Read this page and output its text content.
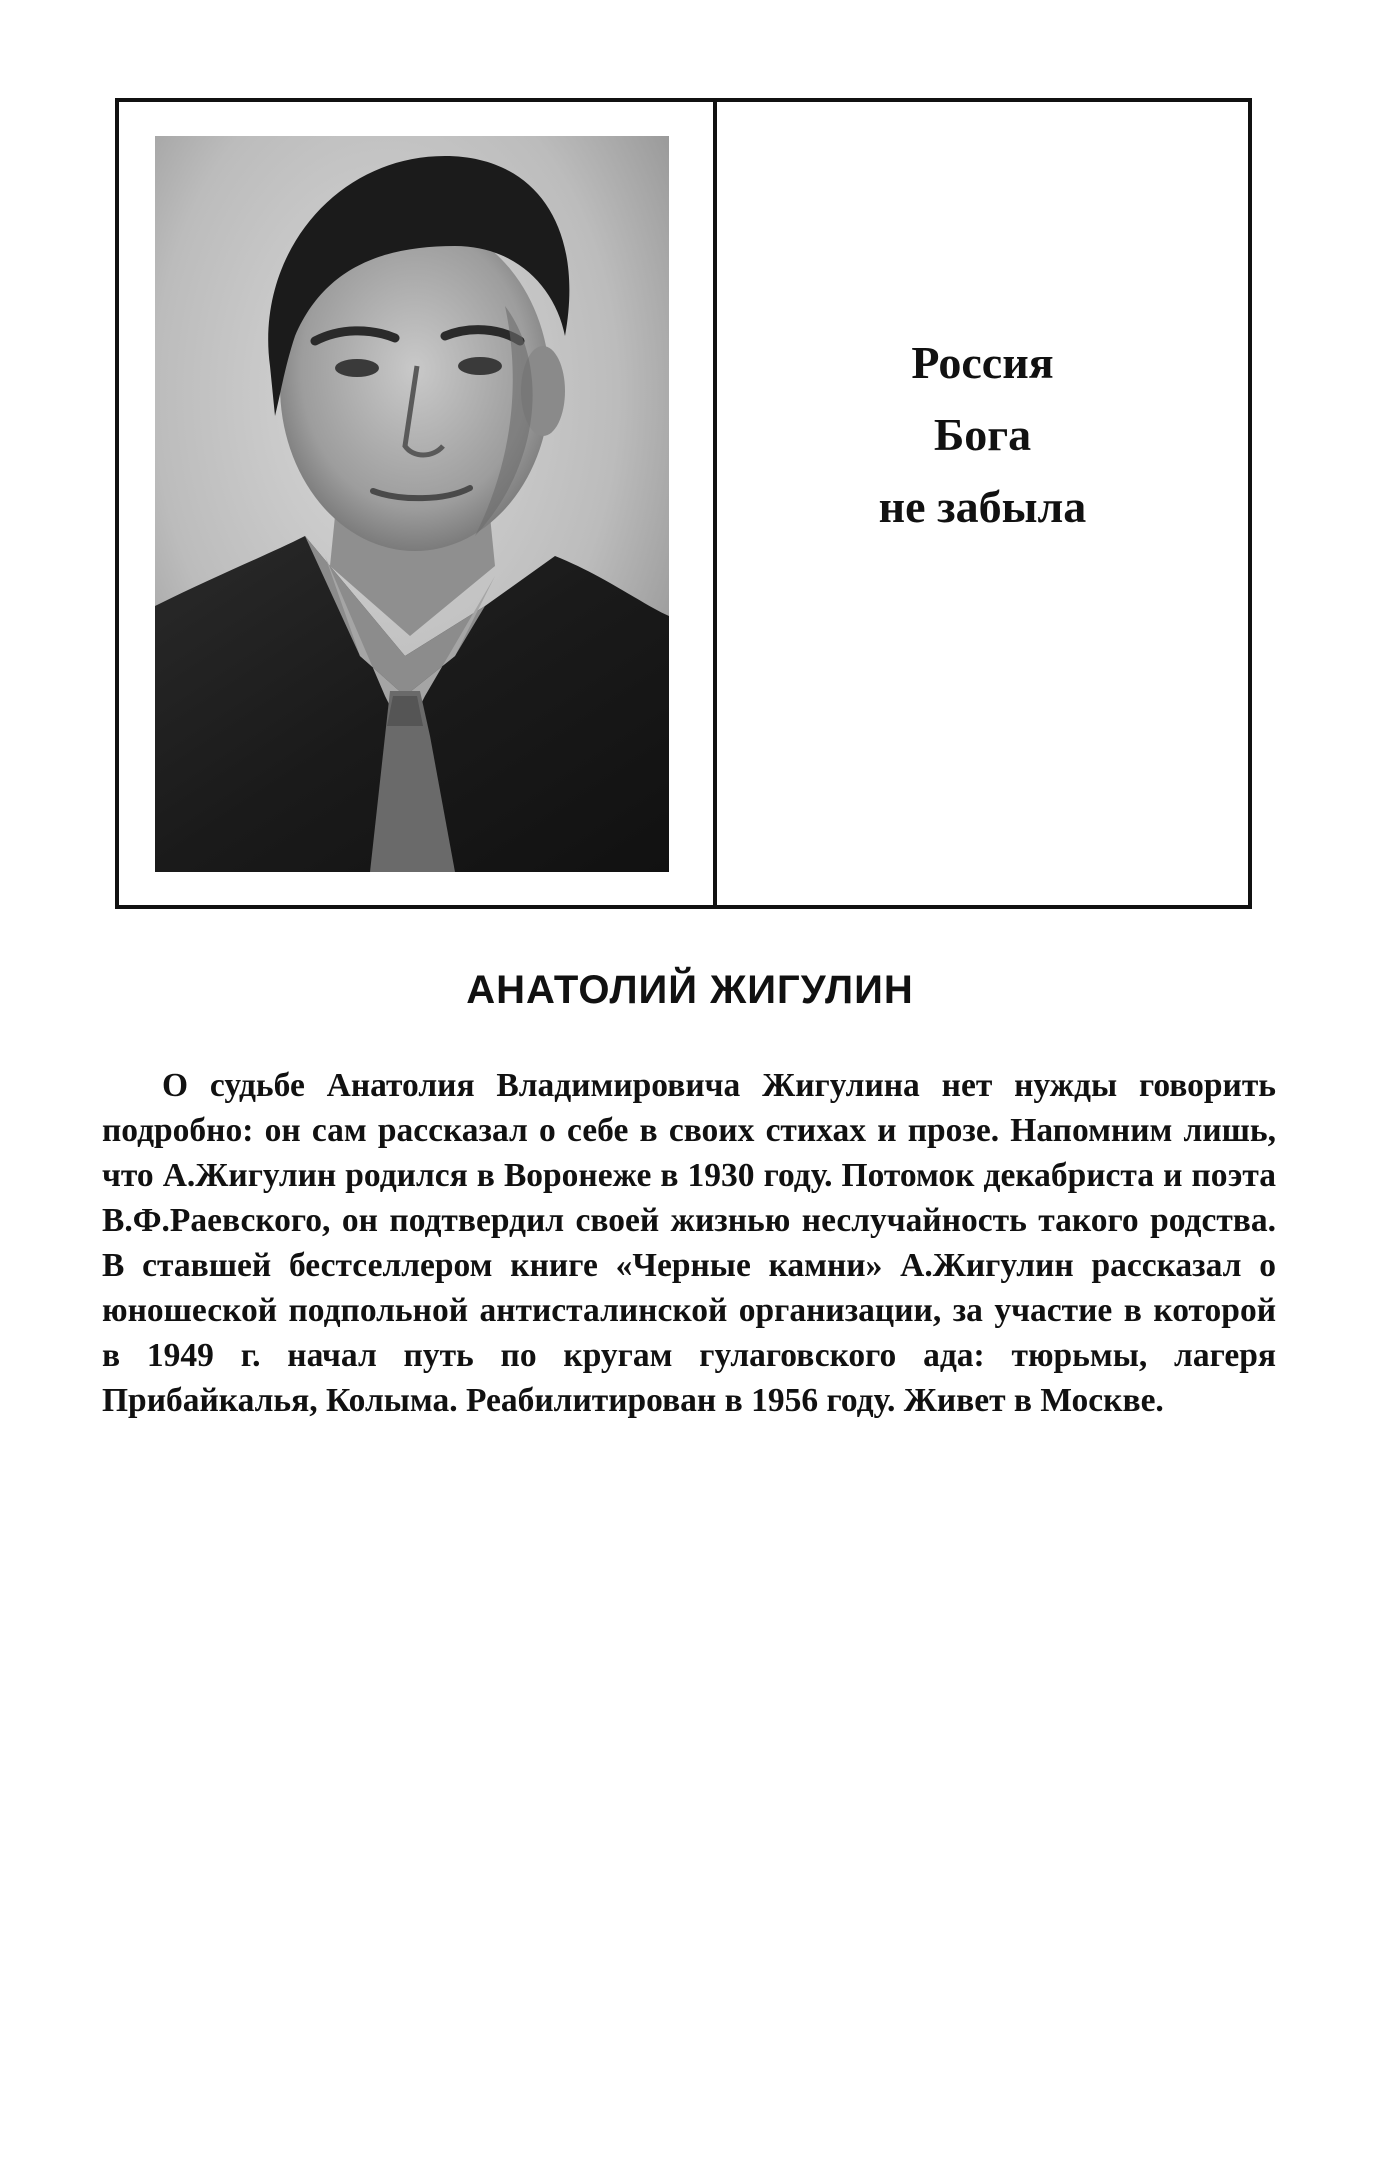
Россия
Бога
не забыла
АНАТОЛИЙ ЖИГУЛИН

О судьбе Анатолия Владимировича Жигулина нет нужды говорить подробно: он сам рассказал о себе в своих стихах и прозе. Напомним лишь, что А.Жигулин родился в Воронеже в 1930 году. Потомок декабриста и поэта В.Ф.Раевского, он подтвердил своей жизнью неслучайность такого родства. В ставшей бестселлером книге «Черные камни» А.Жигулин рассказал о юношеской подпольной антисталинской организации, за участие в которой в 1949 г. начал путь по кругам гулаговского ада: тюрьмы, лагеря Прибайкалья, Колыма. Реабилитирован в 1956 году. Живет в Москве.
